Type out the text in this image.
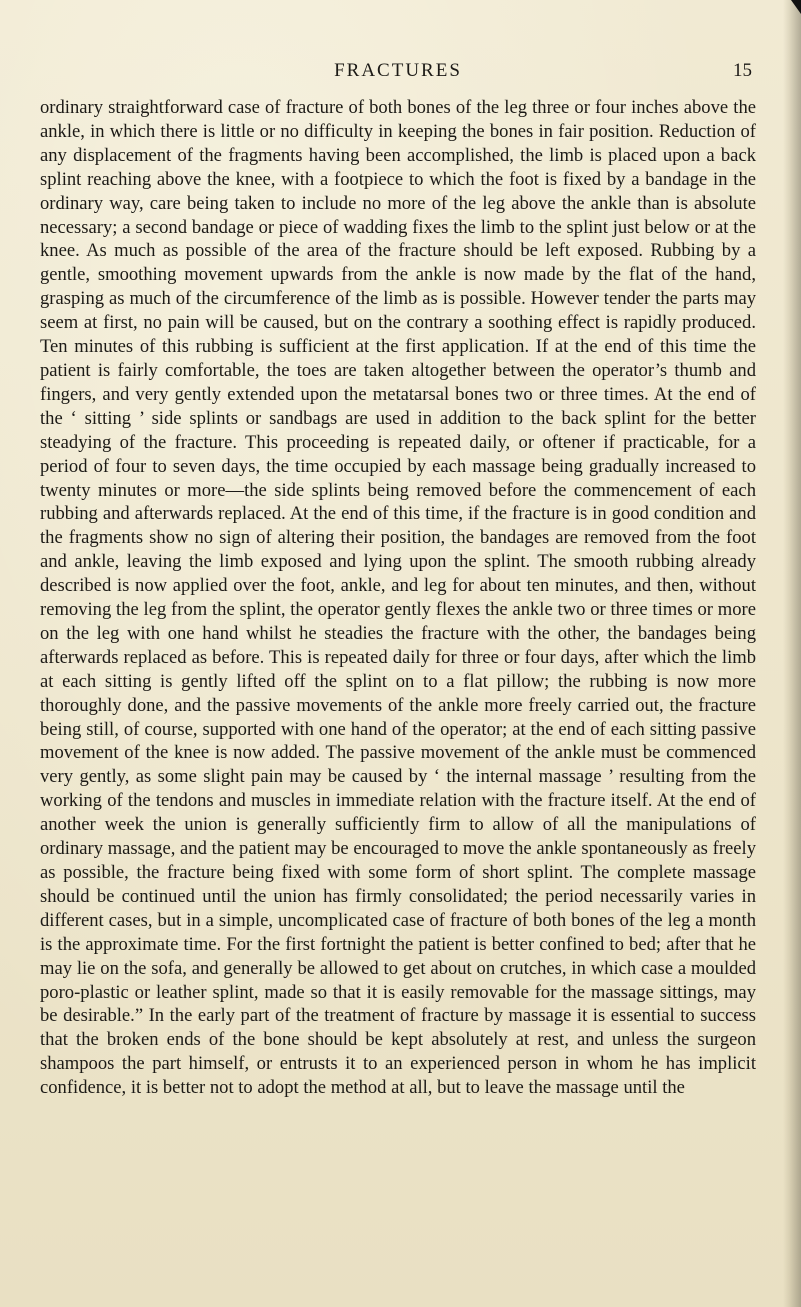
FRACTURES	15

ordinary straightforward case of fracture of both bones of the leg three or four inches above the ankle, in which there is little or no difficulty in keeping the bones in fair position. Reduction of any displacement of the fragments having been accomplished, the limb is placed upon a back splint reaching above the knee, with a footpiece to which the foot is fixed by a bandage in the ordinary way, care being taken to include no more of the leg above the ankle than is absolute necessary; a second bandage or piece of wadding fixes the limb to the splint just below or at the knee. As much as possible of the area of the fracture should be left exposed. Rubbing by a gentle, smoothing movement upwards from the ankle is now made by the flat of the hand, grasping as much of the circumference of the limb as is possible. However tender the parts may seem at first, no pain will be caused, but on the contrary a soothing effect is rapidly produced. Ten minutes of this rubbing is sufficient at the first application. If at the end of this time the patient is fairly comfortable, the toes are taken altogether between the operator’s thumb and fingers, and very gently extended upon the metatarsal bones two or three times. At the end of the ‘ sitting ’ side splints or sandbags are used in addition to the back splint for the better steadying of the fracture. This proceeding is repeated daily, or oftener if practicable, for a period of four to seven days, the time occupied by each massage being gradually increased to twenty minutes or more—the side splints being removed before the commencement of each rubbing and afterwards replaced. At the end of this time, if the fracture is in good condition and the fragments show no sign of altering their position, the bandages are removed from the foot and ankle, leaving the limb exposed and lying upon the splint. The smooth rubbing already described is now applied over the foot, ankle, and leg for about ten minutes, and then, without removing the leg from the splint, the operator gently flexes the ankle two or three times or more on the leg with one hand whilst he steadies the fracture with the other, the bandages being afterwards replaced as before. This is repeated daily for three or four days, after which the limb at each sitting is gently lifted off the splint on to a flat pillow; the rubbing is now more thoroughly done, and the passive movements of the ankle more freely carried out, the fracture being still, of course, supported with one hand of the operator; at the end of each sitting passive movement of the knee is now added. The passive movement of the ankle must be commenced very gently, as some slight pain may be caused by ‘ the internal massage ’ resulting from the working of the tendons and muscles in immediate relation with the fracture itself. At the end of another week the union is generally sufficiently firm to allow of all the manipulations of ordinary massage, and the patient may be encouraged to move the ankle spontaneously as freely as possible, the fracture being fixed with some form of short splint. The complete massage should be continued until the union has firmly consolidated; the period necessarily varies in different cases, but in a simple, uncomplicated case of fracture of both bones of the leg a month is the approximate time. For the first fortnight the patient is better confined to bed; after that he may lie on the sofa, and generally be allowed to get about on crutches, in which case a moulded poro-plastic or leather splint, made so that it is easily removable for the massage sittings, may be desirable.” In the early part of the treatment of fracture by massage it is essential to success that the broken ends of the bone should be kept absolutely at rest, and unless the surgeon shampoos the part himself, or entrusts it to an experienced person in whom he has implicit confidence, it is better not to adopt the method at all, but to leave the massage until the
